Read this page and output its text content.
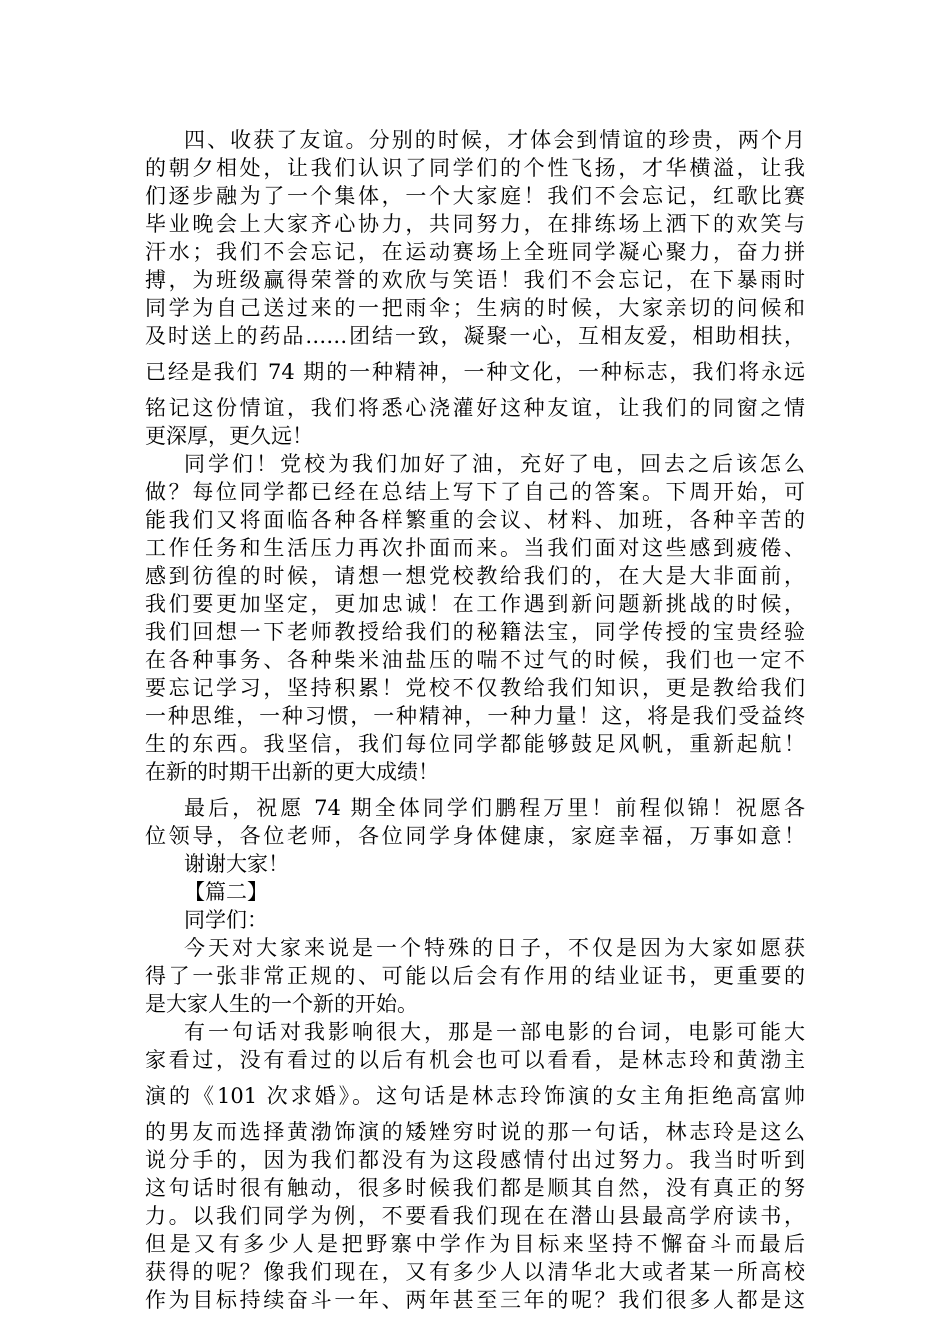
四、收获了友谊。分别的时候，才体会到情谊的珍贵，两个月
的朝夕相处，让我们认识了同学们的个性飞扬，才华横溢，让我
们逐步融为了一个集体，一个大家庭！我们不会忘记，红歌比赛
毕业晚会上大家齐心协力，共同努力，在排练场上洒下的欢笑与
汗水；我们不会忘记，在运动赛场上全班同学凝心聚力，奋力拼
搏，为班级赢得荣誉的欢欣与笑语！我们不会忘记，在下暴雨时
同学为自己送过来的一把雨伞；生病的时候，大家亲切的问候和
及时送上的药品……团结一致，凝聚一心，互相友爱，相助相扶，
已经是我们 74 期的一种精神，一种文化，一种标志，我们将永远
铭记这份情谊，我们将悉心浇灌好这种友谊，让我们的同窗之情
更深厚，更久远！
同学们！党校为我们加好了油，充好了电，回去之后该怎么
做？每位同学都已经在总结上写下了自己的答案。下周开始，可
能我们又将面临各种各样繁重的会议、材料、加班，各种辛苦的
工作任务和生活压力再次扑面而来。当我们面对这些感到疲倦、
感到彷徨的时候，请想一想党校教给我们的，在大是大非面前，
我们要更加坚定，更加忠诚！在工作遇到新问题新挑战的时候，
我们回想一下老师教授给我们的秘籍法宝，同学传授的宝贵经验
在各种事务、各种柴米油盐压的喘不过气的时候，我们也一定不
要忘记学习，坚持积累！党校不仅教给我们知识，更是教给我们
一种思维，一种习惯，一种精神，一种力量！这，将是我们受益终
生的东西。我坚信，我们每位同学都能够鼓足风帆，重新起航！
在新的时期干出新的更大成绩！
最后，祝愿 74 期全体同学们鹏程万里！前程似锦！祝愿各
位领导，各位老师，各位同学身体健康，家庭幸福，万事如意！
谢谢大家！
【篇二】
同学们：
今天对大家来说是一个特殊的日子，不仅是因为大家如愿获
得了一张非常正规的、可能以后会有作用的结业证书，更重要的
是大家人生的一个新的开始。
有一句话对我影响很大，那是一部电影的台词，电影可能大
家看过，没有看过的以后有机会也可以看看，是林志玲和黄渤主
演的《101 次求婚》。这句话是林志玲饰演的女主角拒绝高富帅
的男友而选择黄渤饰演的矮矬穷时说的那一句话，林志玲是这么
说分手的，因为我们都没有为这段感情付出过努力。我当时听到
这句话时很有触动，很多时候我们都是顺其自然，没有真正的努
力。以我们同学为例，不要看我们现在在潜山县最高学府读书，
但是又有多少人是把野寨中学作为目标来坚持不懈奋斗而最后
获得的呢？像我们现在，又有多少人以清华北大或者某一所高校
作为目标持续奋斗一年、两年甚至三年的呢？我们很多人都是这
